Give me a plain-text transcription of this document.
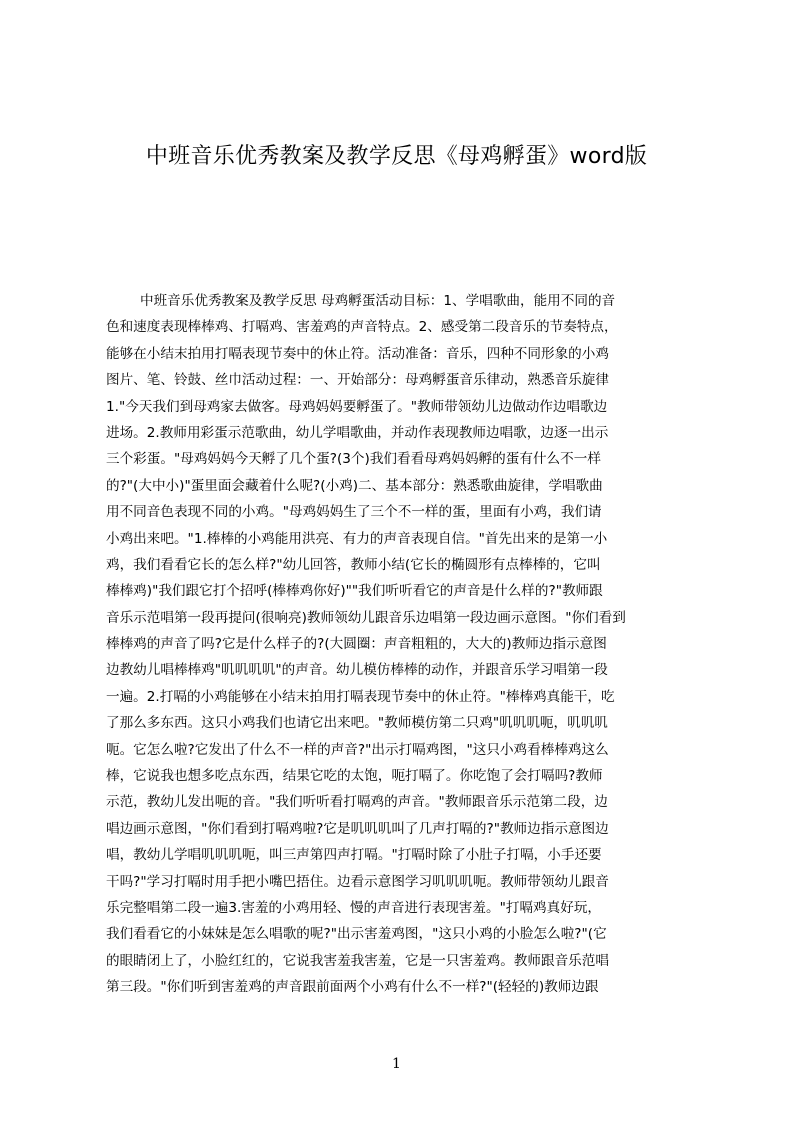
中班音乐优秀教案及教学反思《母鸡孵蛋》word版
中班音乐优秀教案及教学反思 母鸡孵蛋活动目标：1、学唱歌曲，能用不同的音
色和速度表现棒棒鸡、打嗝鸡、害羞鸡的声音特点。2、感受第二段音乐的节奏特点，
能够在小结末拍用打嗝表现节奏中的休止符。活动准备：音乐，四种不同形象的小鸡
图片、笔、铃鼓、丝巾活动过程：一、开始部分：母鸡孵蛋音乐律动，熟悉音乐旋律
1."今天我们到母鸡家去做客。母鸡妈妈要孵蛋了。"教师带领幼儿边做动作边唱歌边
进场。2.教师用彩蛋示范歌曲，幼儿学唱歌曲，并动作表现教师边唱歌，边逐一出示
三个彩蛋。"母鸡妈妈今天孵了几个蛋?(3个)我们看看母鸡妈妈孵的蛋有什么不一样
的?"(大中小)"蛋里面会藏着什么呢?(小鸡)二、基本部分：熟悉歌曲旋律，学唱歌曲
用不同音色表现不同的小鸡。"母鸡妈妈生了三个不一样的蛋，里面有小鸡，我们请
小鸡出来吧。"1.棒棒的小鸡能用洪亮、有力的声音表现自信。"首先出来的是第一小
鸡，我们看看它长的怎么样?"幼儿回答，教师小结(它长的椭圆形有点棒棒的，它叫
棒棒鸡)"我们跟它打个招呼(棒棒鸡你好)""我们听听看它的声音是什么样的?"教师跟
音乐示范唱第一段再提问(很响亮)教师领幼儿跟音乐边唱第一段边画示意图。"你们看到
棒棒鸡的声音了吗?它是什么样子的?(大圆圈：声音粗粗的，大大的)教师边指示意图
边教幼儿唱棒棒鸡"叽叽叽叽"的声音。幼儿模仿棒棒的动作，并跟音乐学习唱第一段
一遍。2.打嗝的小鸡能够在小结末拍用打嗝表现节奏中的休止符。"棒棒鸡真能干，吃
了那么多东西。这只小鸡我们也请它出来吧。"教师模仿第二只鸡"叽叽叽呃，叽叽叽
呃。它怎么啦?它发出了什么不一样的声音?"出示打嗝鸡图，"这只小鸡看棒棒鸡这么
棒，它说我也想多吃点东西，结果它吃的太饱，呃打嗝了。你吃饱了会打嗝吗?教师
示范，教幼儿发出呃的音。"我们听听看打嗝鸡的声音。"教师跟音乐示范第二段，边
唱边画示意图，"你们看到打嗝鸡啦?它是叽叽叽叫了几声打嗝的?"教师边指示意图边
唱，教幼儿学唱叽叽叽呃，叫三声第四声打嗝。"打嗝时除了小肚子打嗝，小手还要
干吗?"学习打嗝时用手把小嘴巴捂住。边看示意图学习叽叽叽呃。教师带领幼儿跟音
乐完整唱第二段一遍3.害羞的小鸡用轻、慢的声音进行表现害羞。"打嗝鸡真好玩，
我们看看它的小妹妹是怎么唱歌的呢?"出示害羞鸡图，"这只小鸡的小脸怎么啦?"(它
的眼睛闭上了，小脸红红的，它说我害羞我害羞，它是一只害羞鸡。教师跟音乐范唱
第三段。"你们听到害羞鸡的声音跟前面两个小鸡有什么不一样?"(轻轻的)教师边跟
1
